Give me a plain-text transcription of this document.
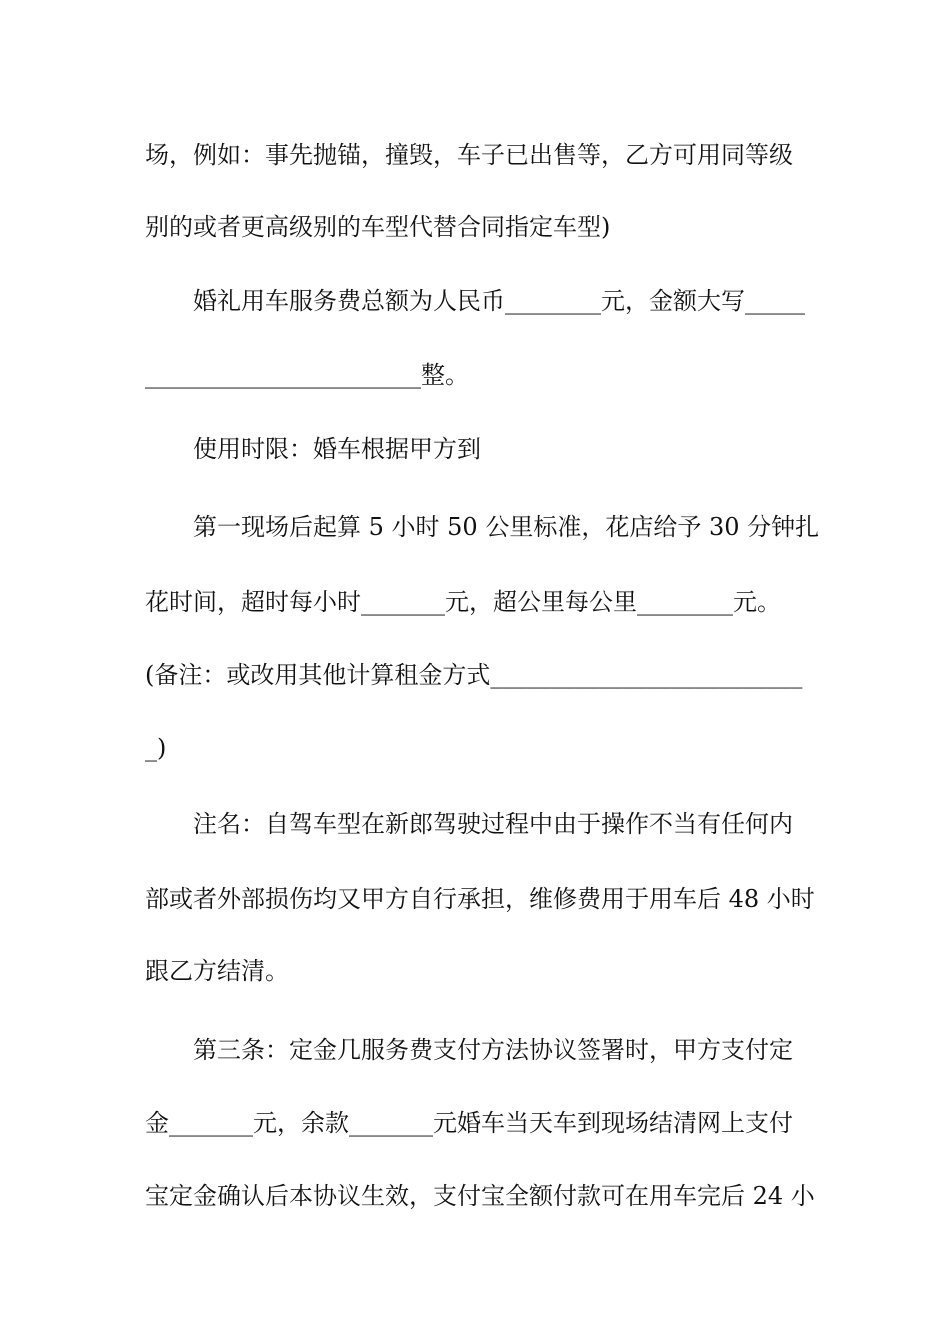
场，例如：事先抛锚，撞毁，车子已出售等，乙方可用同等级
别的或者更高级别的车型代替合同指定车型)
婚礼用车服务费总额为人民币________元，金额大写_____
_______________________整。
使用时限：婚车根据甲方到
第一现场后起算 5 小时 50 公里标准，花店给予 30 分钟扎
花时间，超时每小时_______元，超公里每公里________元。
(备注：或改用其他计算租金方式__________________________
_)
注名：自驾车型在新郎驾驶过程中由于操作不当有任何内
部或者外部损伤均又甲方自行承担，维修费用于用车后 48 小时
跟乙方结清。
第三条：定金几服务费支付方法协议签署时，甲方支付定
金_______元，余款_______元婚车当天车到现场结清网上支付
宝定金确认后本协议生效，支付宝全额付款可在用车完后 24 小
